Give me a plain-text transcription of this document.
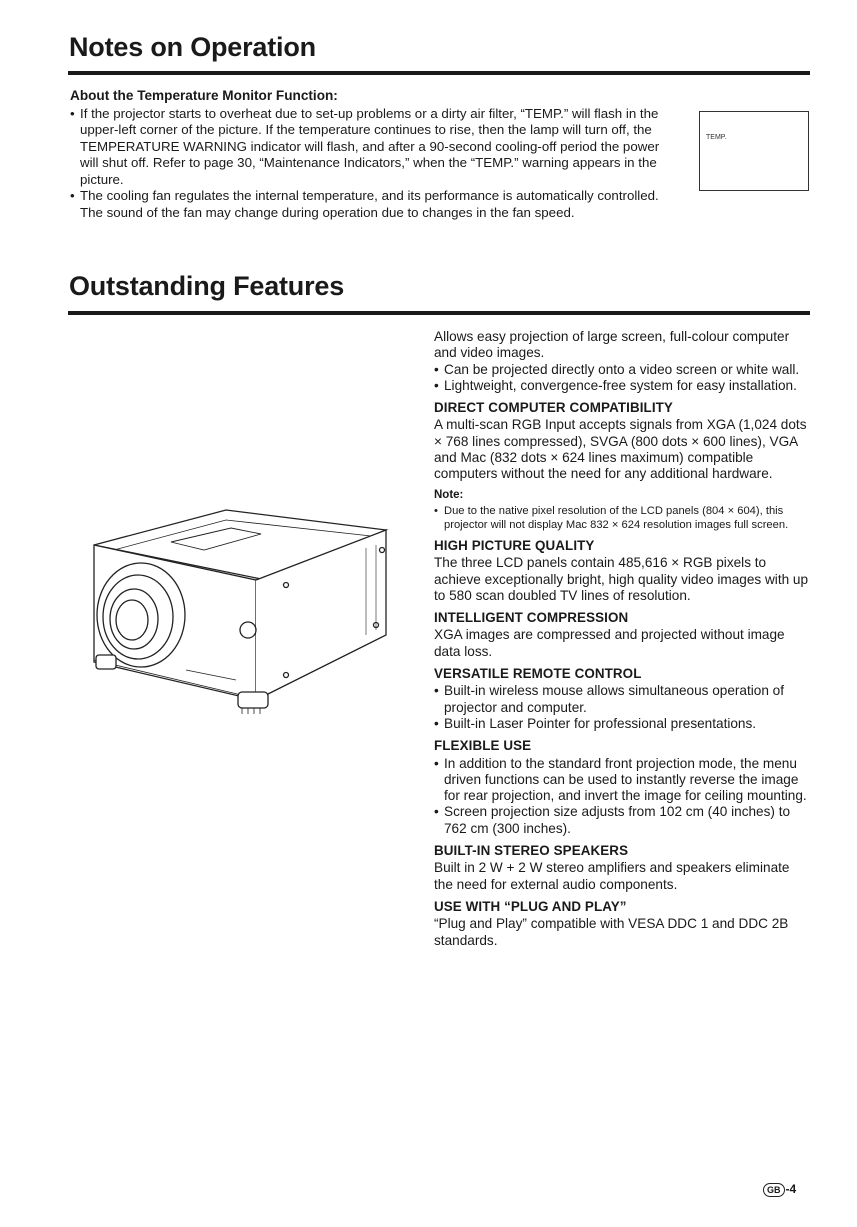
Notes on Operation
About the Temperature Monitor Function:
• If the projector starts to overheat due to set-up problems or a dirty air filter, “TEMP.” will flash in the upper-left corner of the picture. If the temperature continues to rise, then the lamp will turn off, the TEMPERATURE WARNING indicator will flash, and after a 90-second cooling-off period the power will shut off. Refer to page 30, “Maintenance Indicators,” when the “TEMP.” warning appears in the picture.
• The cooling fan regulates the internal temperature, and its performance is automatically controlled. The sound of the fan may change during operation due to changes in the fan speed.
TEMP.
Outstanding Features

Allows easy projection of large screen, full-colour computer and video images.

• Can be projected directly onto a video screen or white wall.
• Lightweight, convergence-free system for easy installation.
DIRECT COMPUTER COMPATIBILITY

A multi-scan RGB Input accepts signals from XGA (1,024 dots × 768 lines compressed), SVGA (800 dots × 600 lines), VGA and Mac (832 dots × 624 lines maximum) compatible computers without the need for any additional hardware.

Note:
• Due to the native pixel resolution of the LCD panels (804 × 604), this projector will not display Mac 832 × 624 resolution images full screen.
HIGH PICTURE QUALITY

The three LCD panels contain 485,616 × RGB pixels to achieve exceptionally bright, high quality video images with up to 580 scan doubled TV lines of resolution.

INTELLIGENT COMPRESSION

XGA images are compressed and projected without image data loss.

VERSATILE REMOTE CONTROL
• Built-in wireless mouse allows simultaneous operation of projector and computer.
• Built-in Laser Pointer for professional presentations.
FLEXIBLE USE
• In addition to the standard front projection mode, the menu driven functions can be used to instantly reverse the image for rear projection, and invert the image for ceiling mounting.
• Screen projection size adjusts from 102 cm (40 inches) to 762 cm (300 inches).
BUILT-IN STEREO SPEAKERS

Built in 2 W + 2 W stereo amplifiers and speakers eliminate the need for external audio components.

USE WITH “PLUG AND PLAY”

“Plug and Play” compatible with VESA DDC 1 and DDC 2B standards.

GB -4
